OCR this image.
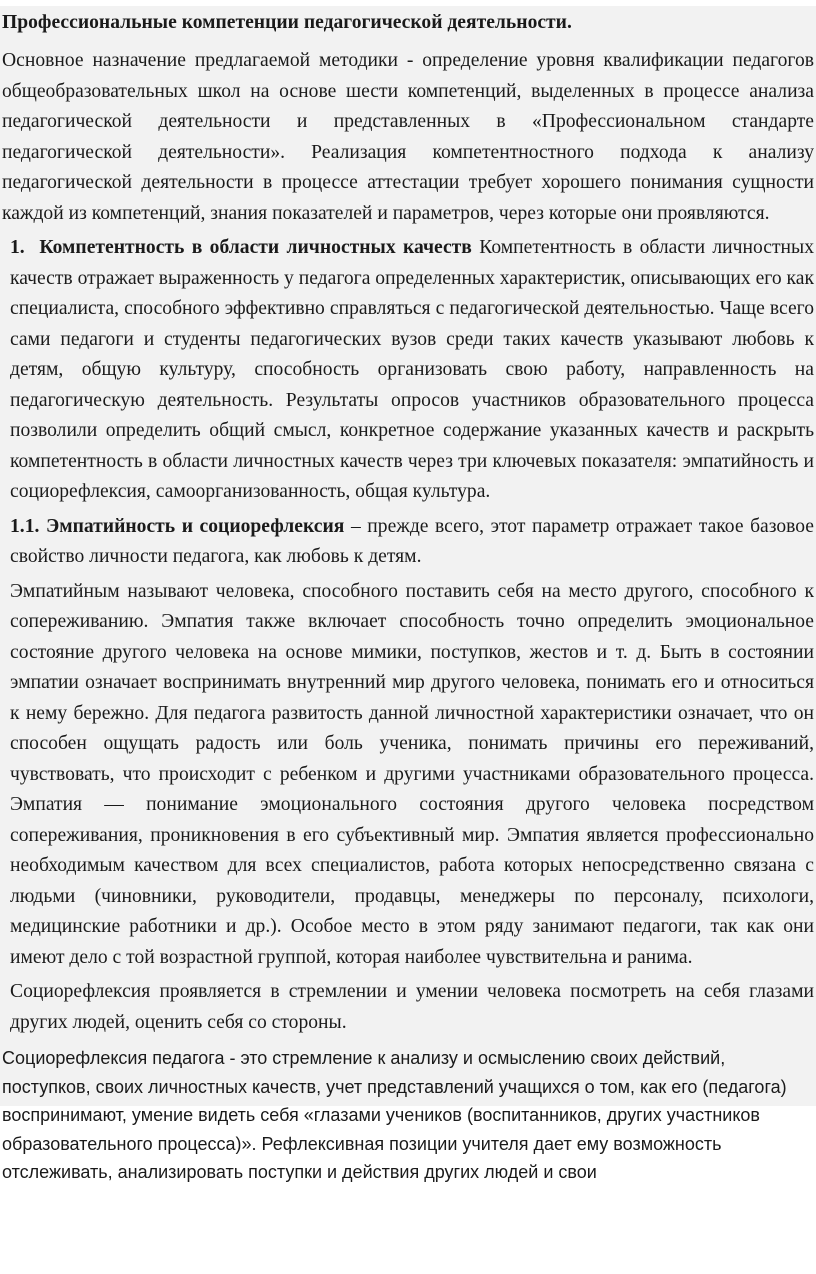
Профессиональные компетенции педагогической деятельности.

Основное назначение предлагаемой методики - определение уровня квалификации педагогов общеобразовательных школ на основе шести компетенций, выделенных в процессе анализа педагогической деятельности и представленных в «Профессиональном стандарте педагогической деятельности». Реализация компетентностного подхода к анализу педагогической деятельности в процессе аттестации требует хорошего понимания сущности каждой из компетенций, знания показателей и параметров, через которые они проявляются.

1. Компетентность в области личностных качеств Компетентность в области личностных качеств отражает выраженность у педагога определенных характеристик, описывающих его как специалиста, способного эффективно справляться с педагогической деятельностью. Чаще всего сами педагоги и студенты педагогических вузов среди таких качеств указывают любовь к детям, общую культуру, способность организовать свою работу, направленность на педагогическую деятельность. Результаты опросов участников образовательного процесса позволили определить общий смысл, конкретное содержание указанных качеств и раскрыть компетентность в области личностных качеств через три ключевых показателя: эмпатийность и социорефлексия, самоорганизованность, общая культура.

1.1. Эмпатийность и социорефлексия – прежде всего, этот параметр отражает такое базовое свойство личности педагога, как любовь к детям.

Эмпатийным называют человека, способного поставить себя на место другого, способного к сопереживанию. Эмпатия также включает способность точно определить эмоциональное состояние другого человека на основе мимики, поступков, жестов и т. д. Быть в состоянии эмпатии означает воспринимать внутренний мир другого человека, понимать его и относиться к нему бережно. Для педагога развитость данной личностной характеристики означает, что он способен ощущать радость или боль ученика, понимать причины его переживаний, чувствовать, что происходит с ребенком и другими участниками образовательного процесса. Эмпатия — понимание эмоционального состояния другого человека посредством сопереживания, проникновения в его субъективный мир. Эмпатия является профессионально необходимым качеством для всех специалистов, работа которых непосредственно связана с людьми (чиновники, руководители, продавцы, менеджеры по персоналу, психологи, медицинские работники и др.). Особое место в этом ряду занимают педагоги, так как они имеют дело с той возрастной группой, которая наиболее чувствительна и ранима.

Социорефлексия проявляется в стремлении и умении человека посмотреть на себя глазами других людей, оценить себя со стороны.

Социорефлексия педагога - это стремление к анализу и осмыслению своих действий, поступков, своих личностных качеств, учет представлений учащихся о том, как его (педагога) воспринимают, умение видеть себя «глазами учеников (воспитанников, других участников образовательного процесса)». Рефлексивная позиции учителя дает ему возможность отслеживать, анализировать поступки и действия других людей и свои
